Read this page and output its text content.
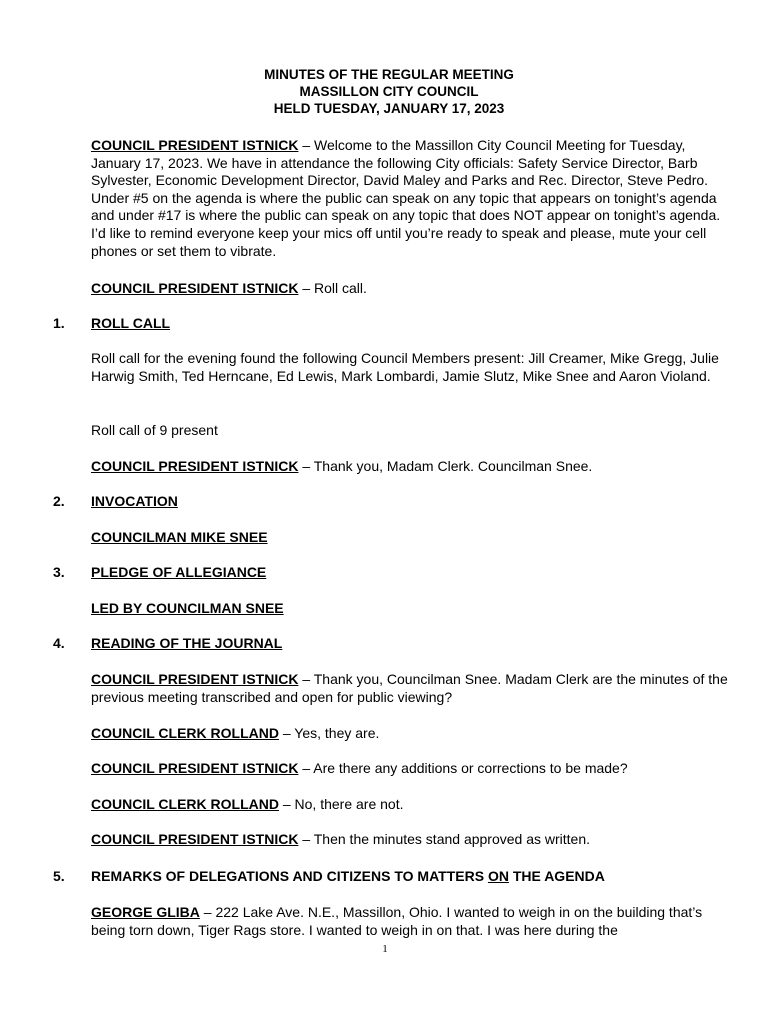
MINUTES OF THE REGULAR MEETING
MASSILLON CITY COUNCIL
HELD TUESDAY, JANUARY 17, 2023
COUNCIL PRESIDENT ISTNICK – Welcome to the Massillon City Council Meeting for Tuesday, January 17, 2023. We have in attendance the following City officials: Safety Service Director, Barb Sylvester, Economic Development Director, David Maley and Parks and Rec. Director, Steve Pedro. Under #5 on the agenda is where the public can speak on any topic that appears on tonight’s agenda and under #17 is where the public can speak on any topic that does NOT appear on tonight’s agenda. I’d like to remind everyone keep your mics off until you’re ready to speak and please, mute your cell phones or set them to vibrate.
COUNCIL PRESIDENT ISTNICK – Roll call.
1. ROLL CALL
Roll call for the evening found the following Council Members present: Jill Creamer, Mike Gregg, Julie Harwig Smith, Ted Herncane, Ed Lewis, Mark Lombardi, Jamie Slutz, Mike Snee and Aaron Violand.
Roll call of 9 present
COUNCIL PRESIDENT ISTNICK – Thank you, Madam Clerk. Councilman Snee.
2. INVOCATION
COUNCILMAN MIKE SNEE
3. PLEDGE OF ALLEGIANCE
LED BY COUNCILMAN SNEE
4. READING OF THE JOURNAL
COUNCIL PRESIDENT ISTNICK – Thank you, Councilman Snee. Madam Clerk are the minutes of the previous meeting transcribed and open for public viewing?
COUNCIL CLERK ROLLAND – Yes, they are.
COUNCIL PRESIDENT ISTNICK – Are there any additions or corrections to be made?
COUNCIL CLERK ROLLAND – No, there are not.
COUNCIL PRESIDENT ISTNICK – Then the minutes stand approved as written.
5. REMARKS OF DELEGATIONS AND CITIZENS TO MATTERS ON THE AGENDA
GEORGE GLIBA – 222 Lake Ave. N.E., Massillon, Ohio. I wanted to weigh in on the building that’s being torn down, Tiger Rags store. I wanted to weigh in on that. I was here during the
1
